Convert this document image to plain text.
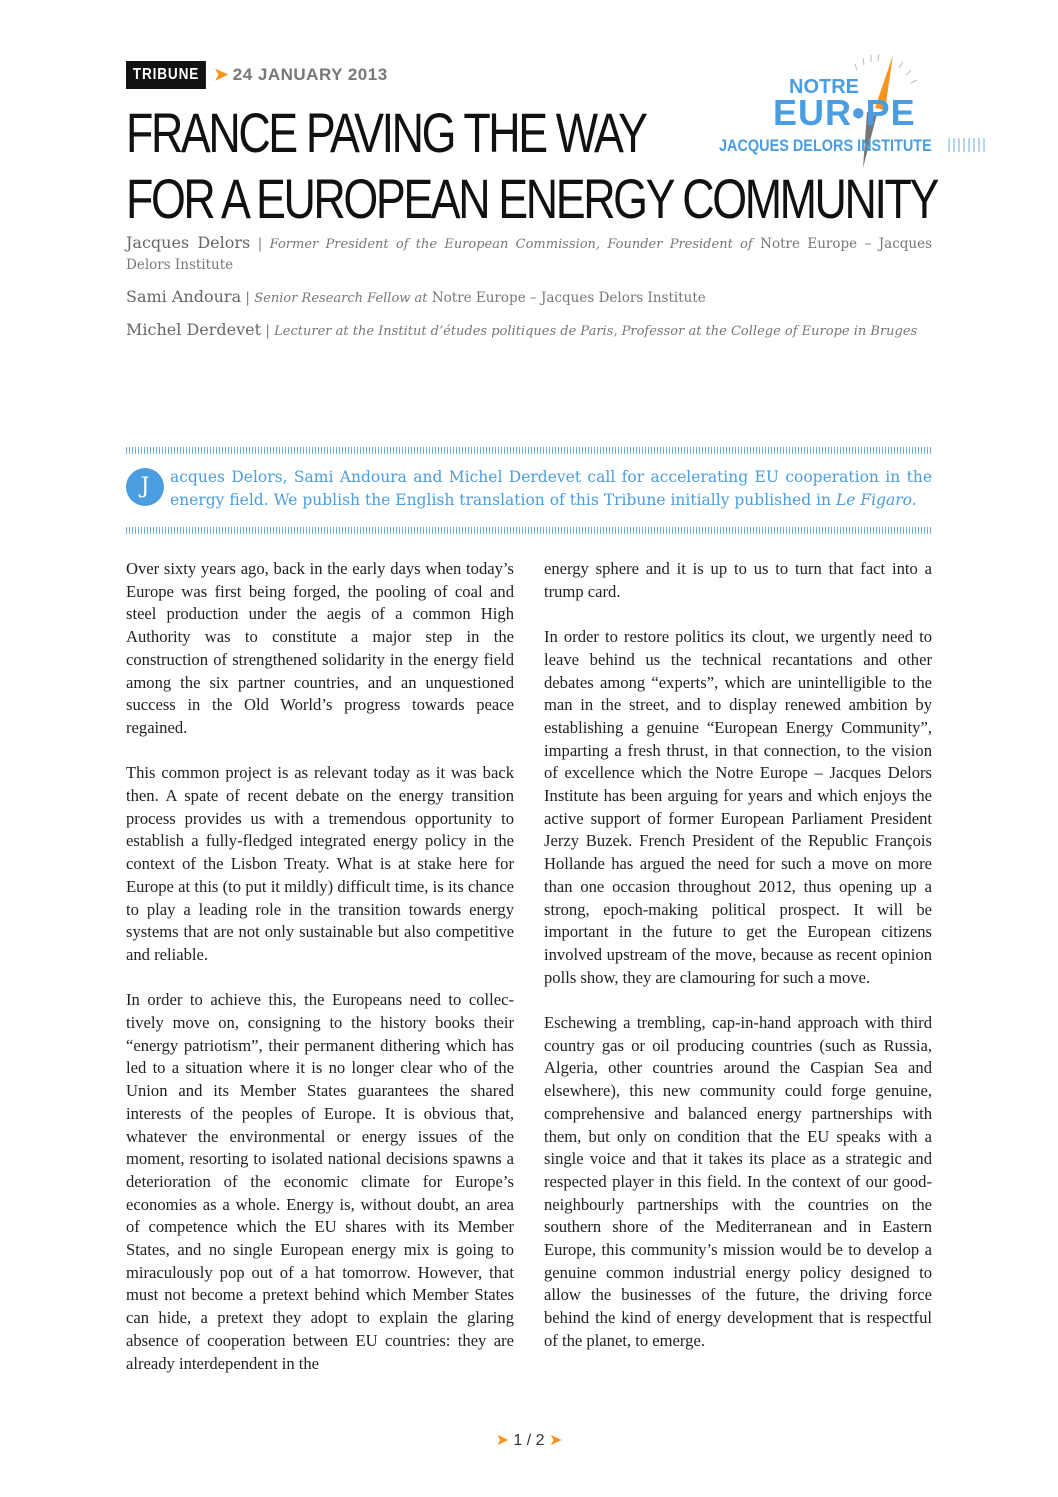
TRIBUNE ➤ 24 JANUARY 2013
FRANCE PAVING THE WAY
FOR A EUROPEAN ENERGY COMMUNITY
NOTRE
EUR•PE
JACQUES DELORS INSTITUTE

Jacques Delors | Former President of the European Commission, Founder President of Notre Europe – Jacques Delors Institute

Sami Andoura | Senior Research Fellow at Notre Europe – Jacques Delors Institute

Michel Derdevet | Lecturer at the Institut d’études politiques de Paris, Professor at the College of Europe in Bruges

J	acques Delors, Sami Andoura and Michel Derdevet call for accelerating EU cooperation in the energy field. We publish the English translation of this Tribune initially published in Le Figaro.

Over sixty years ago, back in the early days when today’s Europe was first being forged, the pooling of coal and steel production under the aegis of a common High Authority was to constitute a major step in the construction of strengthened solidarity in the energy field among the six partner countries, and an unquestioned success in the Old World’s progress towards peace regained.

This common project is as relevant today as it was back then. A spate of recent debate on the energy transition process provides us with a tremendous opportunity to establish a fully-fledged integrated energy policy in the context of the Lisbon Treaty. What is at stake here for Europe at this (to put it mildly) difficult time, is its chance to play a leading role in the transition towards energy systems that are not only sustainable but also competitive and reliable.

In order to achieve this, the Europeans need to collectively move on, consigning to the history books their “energy patriotism”, their permanent dithering which has led to a situation where it is no longer clear who of the Union and its Member States guarantees the shared interests of the peoples of Europe. It is obvious that, whatever the environmental or energy issues of the moment, resorting to isolated national decisions spawns a deterioration of the economic climate for Europe’s economies as a whole. Energy is, without doubt, an area of competence which the EU shares with its Member States, and no single European energy mix is going to miraculously pop out of a hat tomorrow. However, that must not become a pretext behind which Member States can hide, a pretext they adopt to explain the glaring absence of cooperation between EU countries: they are already interdependent in the

energy sphere and it is up to us to turn that fact into a trump card.

In order to restore politics its clout, we urgently need to leave behind us the technical recantations and other debates among “experts”, which are unintelligible to the man in the street, and to display renewed ambition by establishing a genuine “European Energy Community”, imparting a fresh thrust, in that connection, to the vision of excellence which the Notre Europe – Jacques Delors Institute has been arguing for years and which enjoys the active support of former European Parliament President Jerzy Buzek. French President of the Republic François Hollande has argued the need for such a move on more than one occasion throughout 2012, thus opening up a strong, epoch-making political prospect. It will be important in the future to get the European citizens involved upstream of the move, because as recent opinion polls show, they are clamouring for such a move.

Eschewing a trembling, cap-in-hand approach with third country gas or oil producing countries (such as Russia, Algeria, other countries around the Caspian Sea and elsewhere), this new community could forge genuine, comprehensive and balanced energy partnerships with them, but only on condition that the EU speaks with a single voice and that it takes its place as a strategic and respected player in this field. In the context of our good-neighbourly partnerships with the countries on the southern shore of the Mediterranean and in Eastern Europe, this community’s mission would be to develop a genuine common industrial energy policy designed to allow the businesses of the future, the driving force behind the kind of energy development that is respectful of the planet, to emerge.

➤ 1 / 2 ➤
